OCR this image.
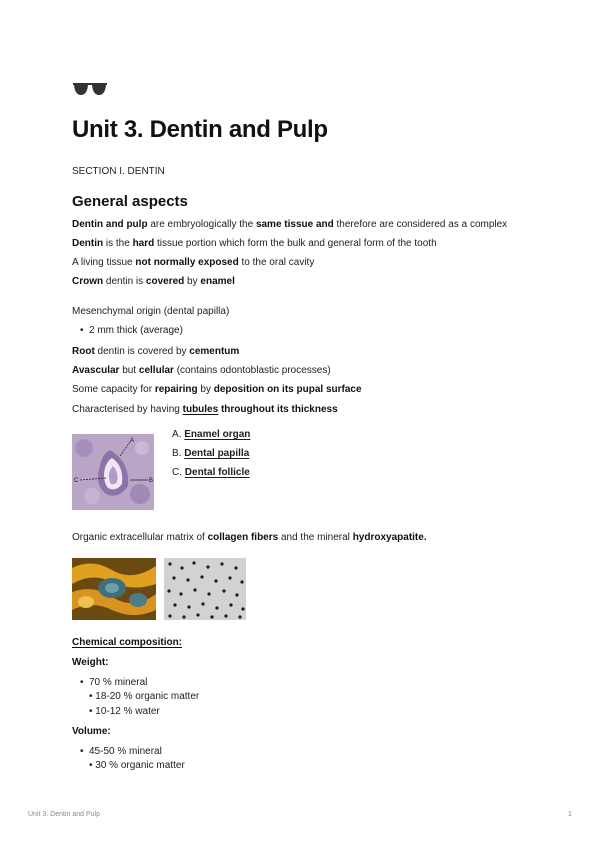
Unit 3. Dentin and Pulp
SECTION I. DENTIN
General aspects
Dentin and pulp are embryologically the same tissue and therefore are considered as a complex
Dentin is the hard tissue portion which form the bulk and general form of the tooth
A living tissue not normally exposed to the oral cavity
Crown dentin is covered by enamel
Mesenchymal origin (dental papilla)
• 2 mm thick (average)
Root dentin is covered by cementum
Avascular but cellular (contains odontoblastic processes)
Some capacity for repairing by deposition on its pupal surface
Characterised by having tubules throughout its thickness
A
B
C
A. Enamel organ
B. Dental papilla
C. Dental follicle
Organic extracellular matrix of collagen fibers and the mineral hydroxyapatite.
Chemical composition:
Weight:
• 70 % mineral
• 18-20 % organic matter
• 10-12 % water
Volume:
• 45-50 % mineral
• 30 % organic matter
Unit 3. Dentin and Pulp	1
